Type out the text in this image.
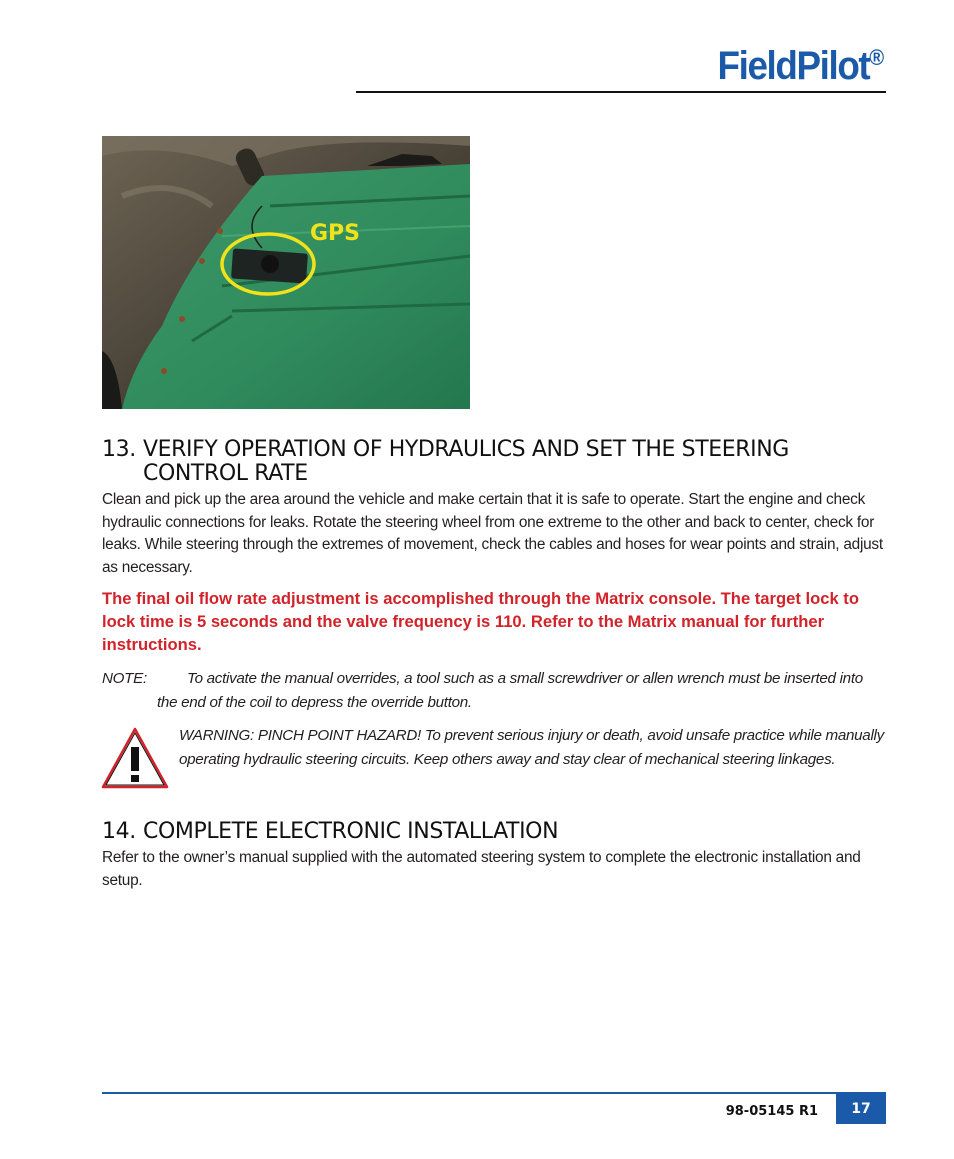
FieldPilot®
GPS
13. VERIFY OPERATION OF HYDRAULICS AND SET THE STEERING
CONTROL RATE
Clean and pick up the area around the vehicle and make certain that it is safe to operate. Start the engine and check hydraulic connections for leaks. Rotate the steering wheel from one extreme to the other and back to center, check for leaks. While steering through the extremes of movement, check the cables and hoses for wear points and strain, adjust as necessary.
The final oil flow rate adjustment is accomplished through the Matrix console. The target lock to lock time is 5 seconds and the valve frequency is 110. Refer to the Matrix manual for further instructions.
NOTE:	To activate the manual overrides, a tool such as a small screwdriver or allen wrench must be inserted into
the end of the coil to depress the override button.
WARNING: PINCH POINT HAZARD! To prevent serious injury or death, avoid unsafe practice while manually operating hydraulic steering circuits. Keep others away and stay clear of mechanical steering linkages.
14. COMPLETE ELECTRONIC INSTALLATION
Refer to the owner’s manual supplied with the automated steering system to complete the electronic installation and setup.
98-05145 R1	17
